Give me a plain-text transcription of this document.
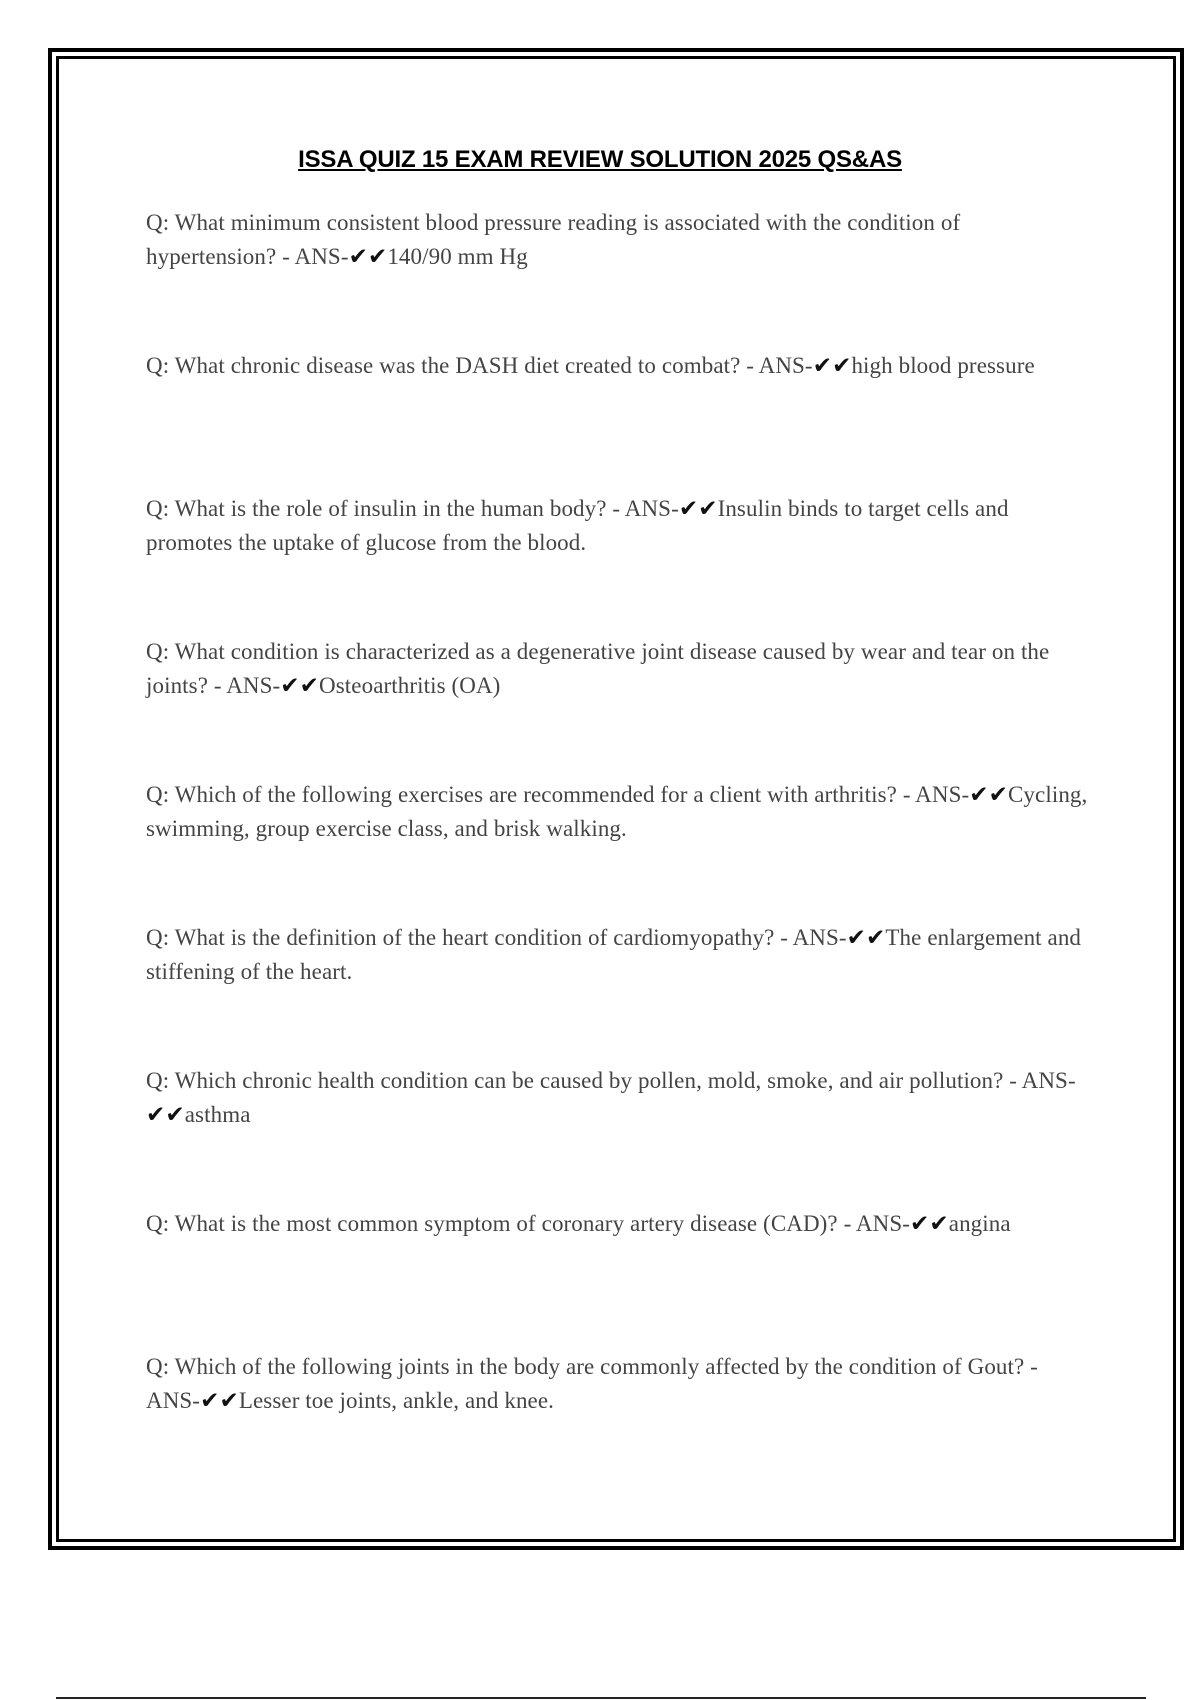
ISSA QUIZ 15 EXAM REVIEW SOLUTION 2025 QS&AS

Q: What minimum consistent blood pressure reading is associated with the condition of hypertension? - ANS-✔✔140/90 mm Hg

Q: What chronic disease was the DASH diet created to combat? - ANS-✔✔high blood pressure

Q: What is the role of insulin in the human body? - ANS-✔✔Insulin binds to target cells and promotes the uptake of glucose from the blood.

Q: What condition is characterized as a degenerative joint disease caused by wear and tear on the joints? - ANS-✔✔Osteoarthritis (OA)

Q: Which of the following exercises are recommended for a client with arthritis? - ANS-✔✔Cycling, swimming, group exercise class, and brisk walking.

Q: What is the definition of the heart condition of cardiomyopathy? - ANS-✔✔The enlargement and stiffening of the heart.

Q: Which chronic health condition can be caused by pollen, mold, smoke, and air pollution? - ANS-✔✔asthma

Q: What is the most common symptom of coronary artery disease (CAD)? - ANS-✔✔angina

Q: Which of the following joints in the body are commonly affected by the condition of Gout? - ANS-✔✔Lesser toe joints, ankle, and knee.
